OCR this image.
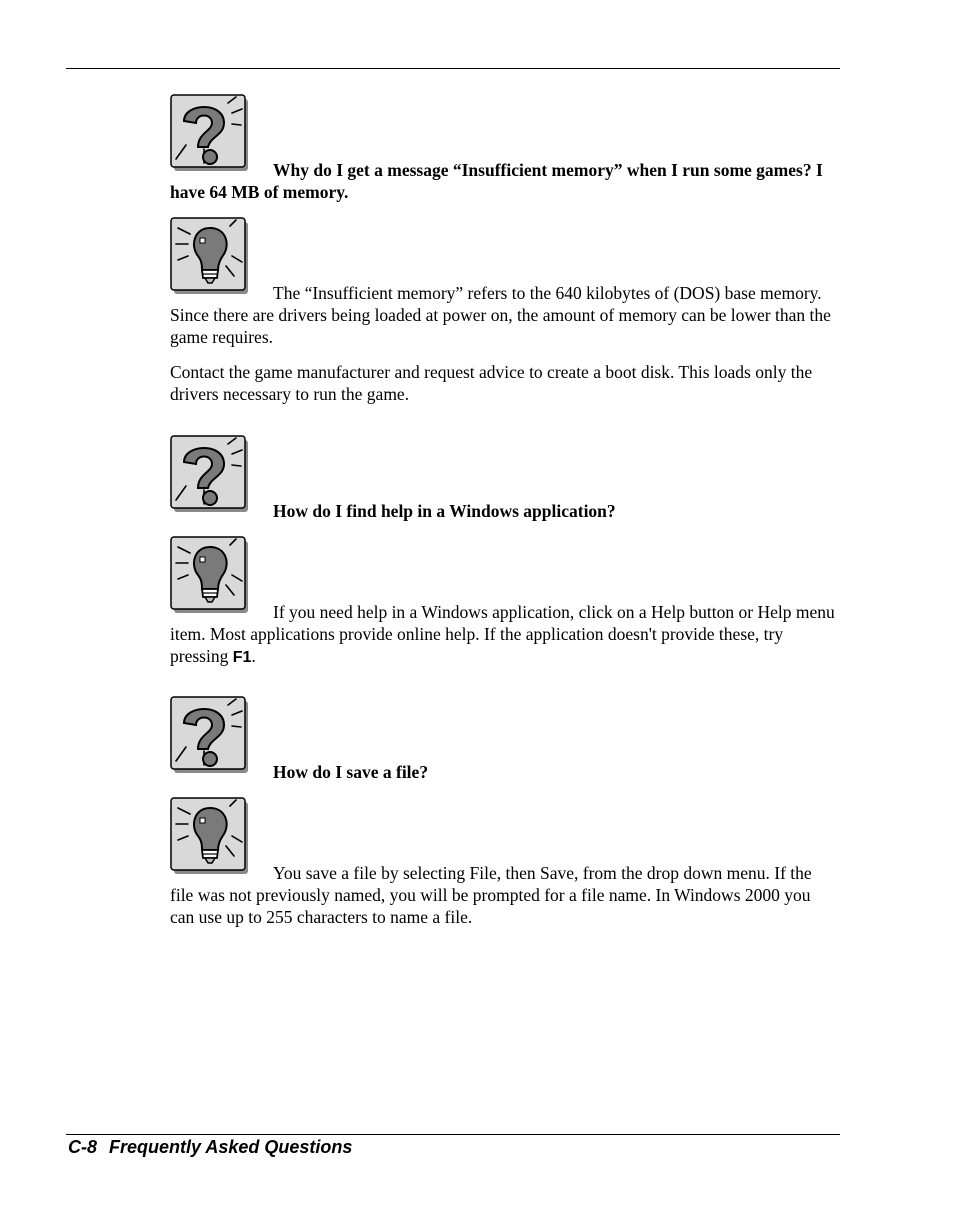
Why do I get a message “Insufficient memory” when I run some games? I have 64 MB of memory.

The “Insufficient memory” refers to the 640 kilobytes of (DOS) base memory. Since there are drivers being loaded at power on, the amount of memory can be lower than the game requires.

Contact the game manufacturer and request advice to create a boot disk. This loads only the drivers necessary to run the game.

How do I find help in a Windows application?

If you need help in a Windows application, click on a Help button or Help menu item. Most applications provide online help. If the application doesn't provide these, try pressing F1.

How do I save a file?

You save a file by selecting File, then Save, from the drop down menu. If the file was not previously named, you will be prompted for a file name. In Windows 2000 you can use up to 255 characters to name a file.

C-8 Frequently Asked Questions
